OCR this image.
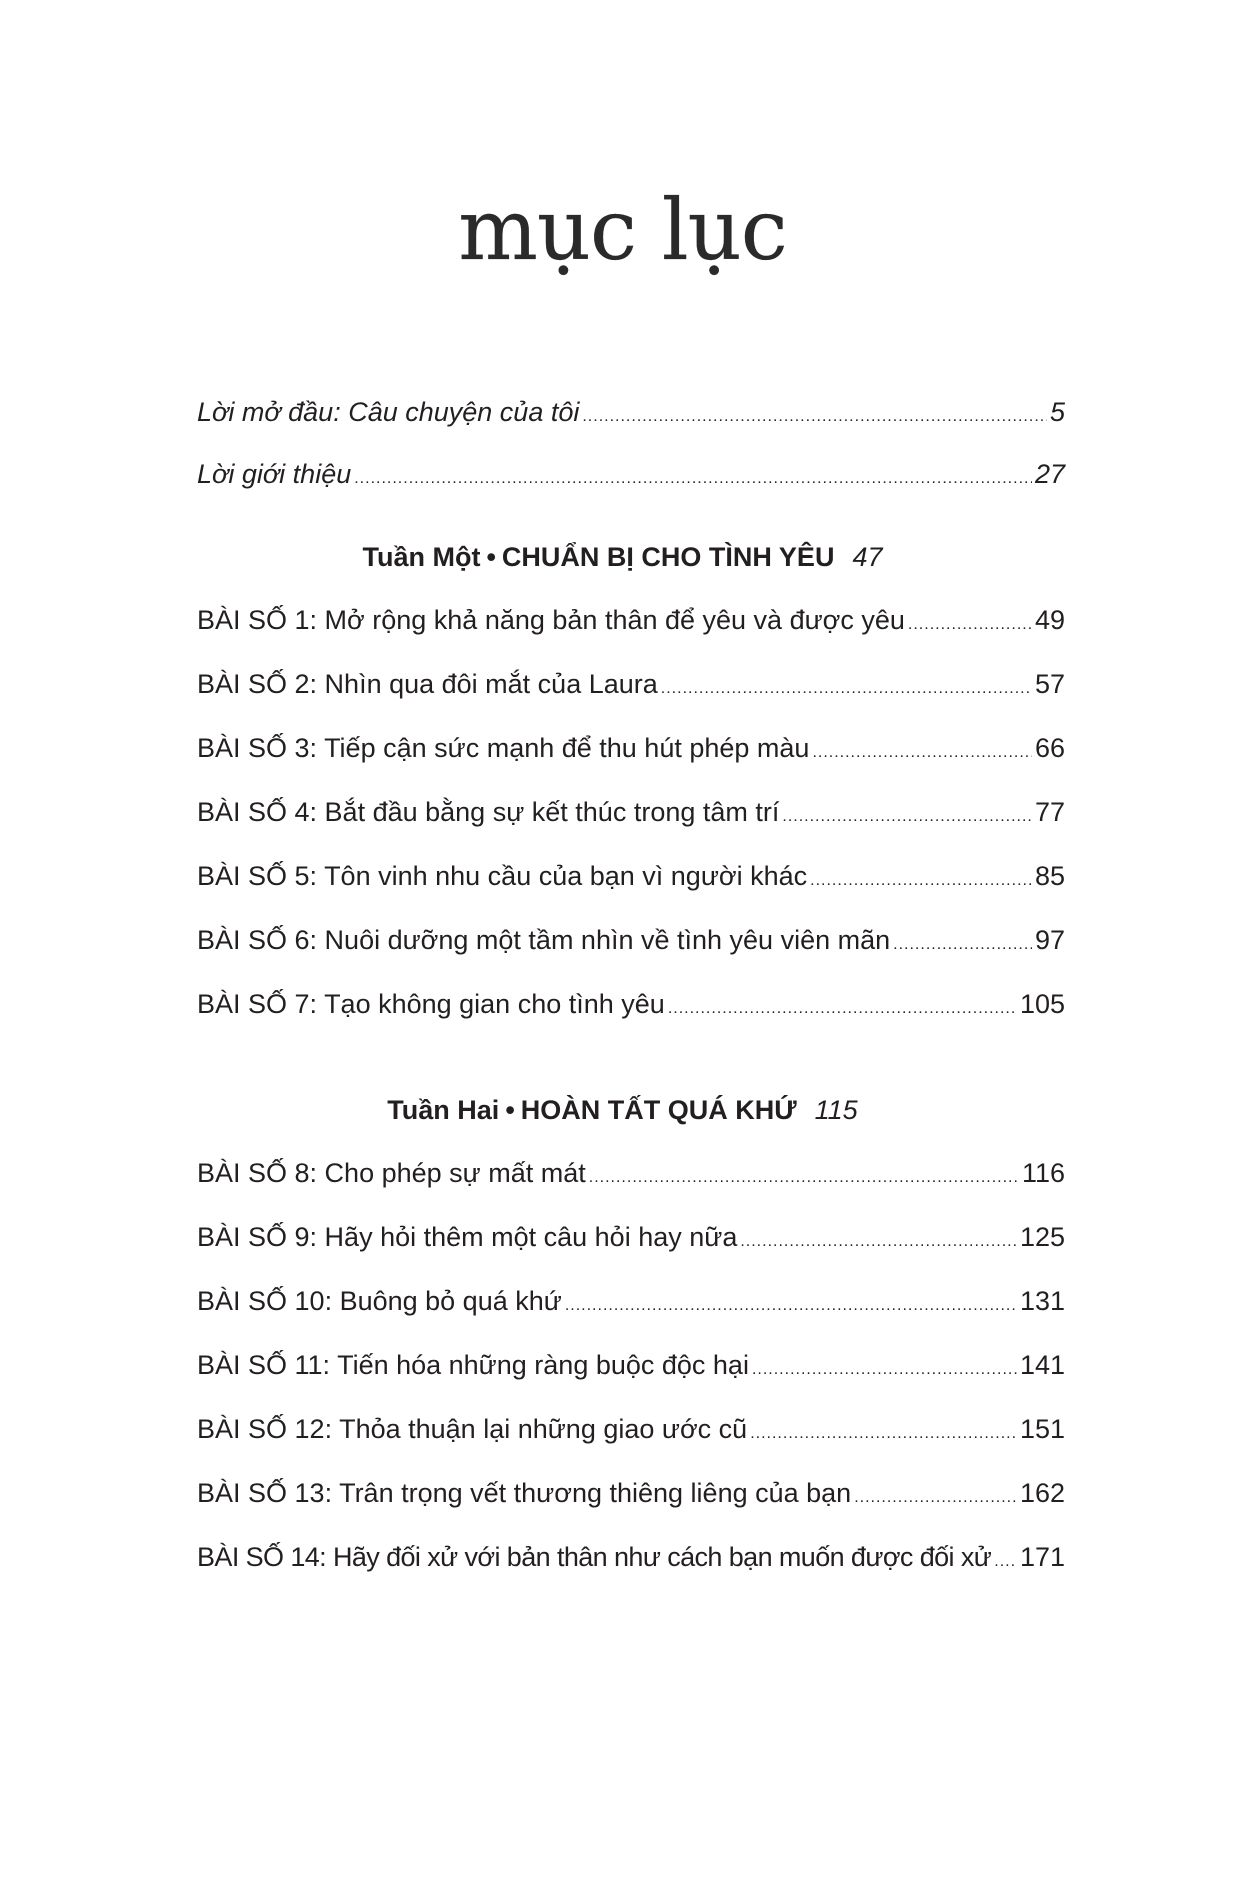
mục lục
Lời mở đầu: Câu chuyện của tôi .....	5
Lời giới thiệu .....	27
Tuần Một • CHUẨN BỊ CHO TÌNH YÊU 47
BÀI SỐ 1: Mở rộng khả năng bản thân để yêu và được yêu .....	49
BÀI SỐ 2: Nhìn qua đôi mắt của Laura .....	57
BÀI SỐ 3: Tiếp cận sức mạnh để thu hút phép màu .....	66
BÀI SỐ 4: Bắt đầu bằng sự kết thúc trong tâm trí .....	77
BÀI SỐ 5: Tôn vinh nhu cầu của bạn vì người khác .....	85
BÀI SỐ 6: Nuôi dưỡng một tầm nhìn về tình yêu viên mãn .....	97
BÀI SỐ 7: Tạo không gian cho tình yêu .....	105
Tuần Hai • HOÀN TẤT QUÁ KHỨ 115
BÀI SỐ 8: Cho phép sự mất mát .....	116
BÀI SỐ 9: Hãy hỏi thêm một câu hỏi hay nữa .....	125
BÀI SỐ 10: Buông bỏ quá khứ .....	131
BÀI SỐ 11: Tiến hóa những ràng buộc độc hại .....	141
BÀI SỐ 12: Thỏa thuận lại những giao ước cũ .....	151
BÀI SỐ 13: Trân trọng vết thương thiêng liêng của bạn .....	162
BÀI SỐ 14: Hãy đối xử với bản thân như cách bạn muốn được đối xử ..... 171
